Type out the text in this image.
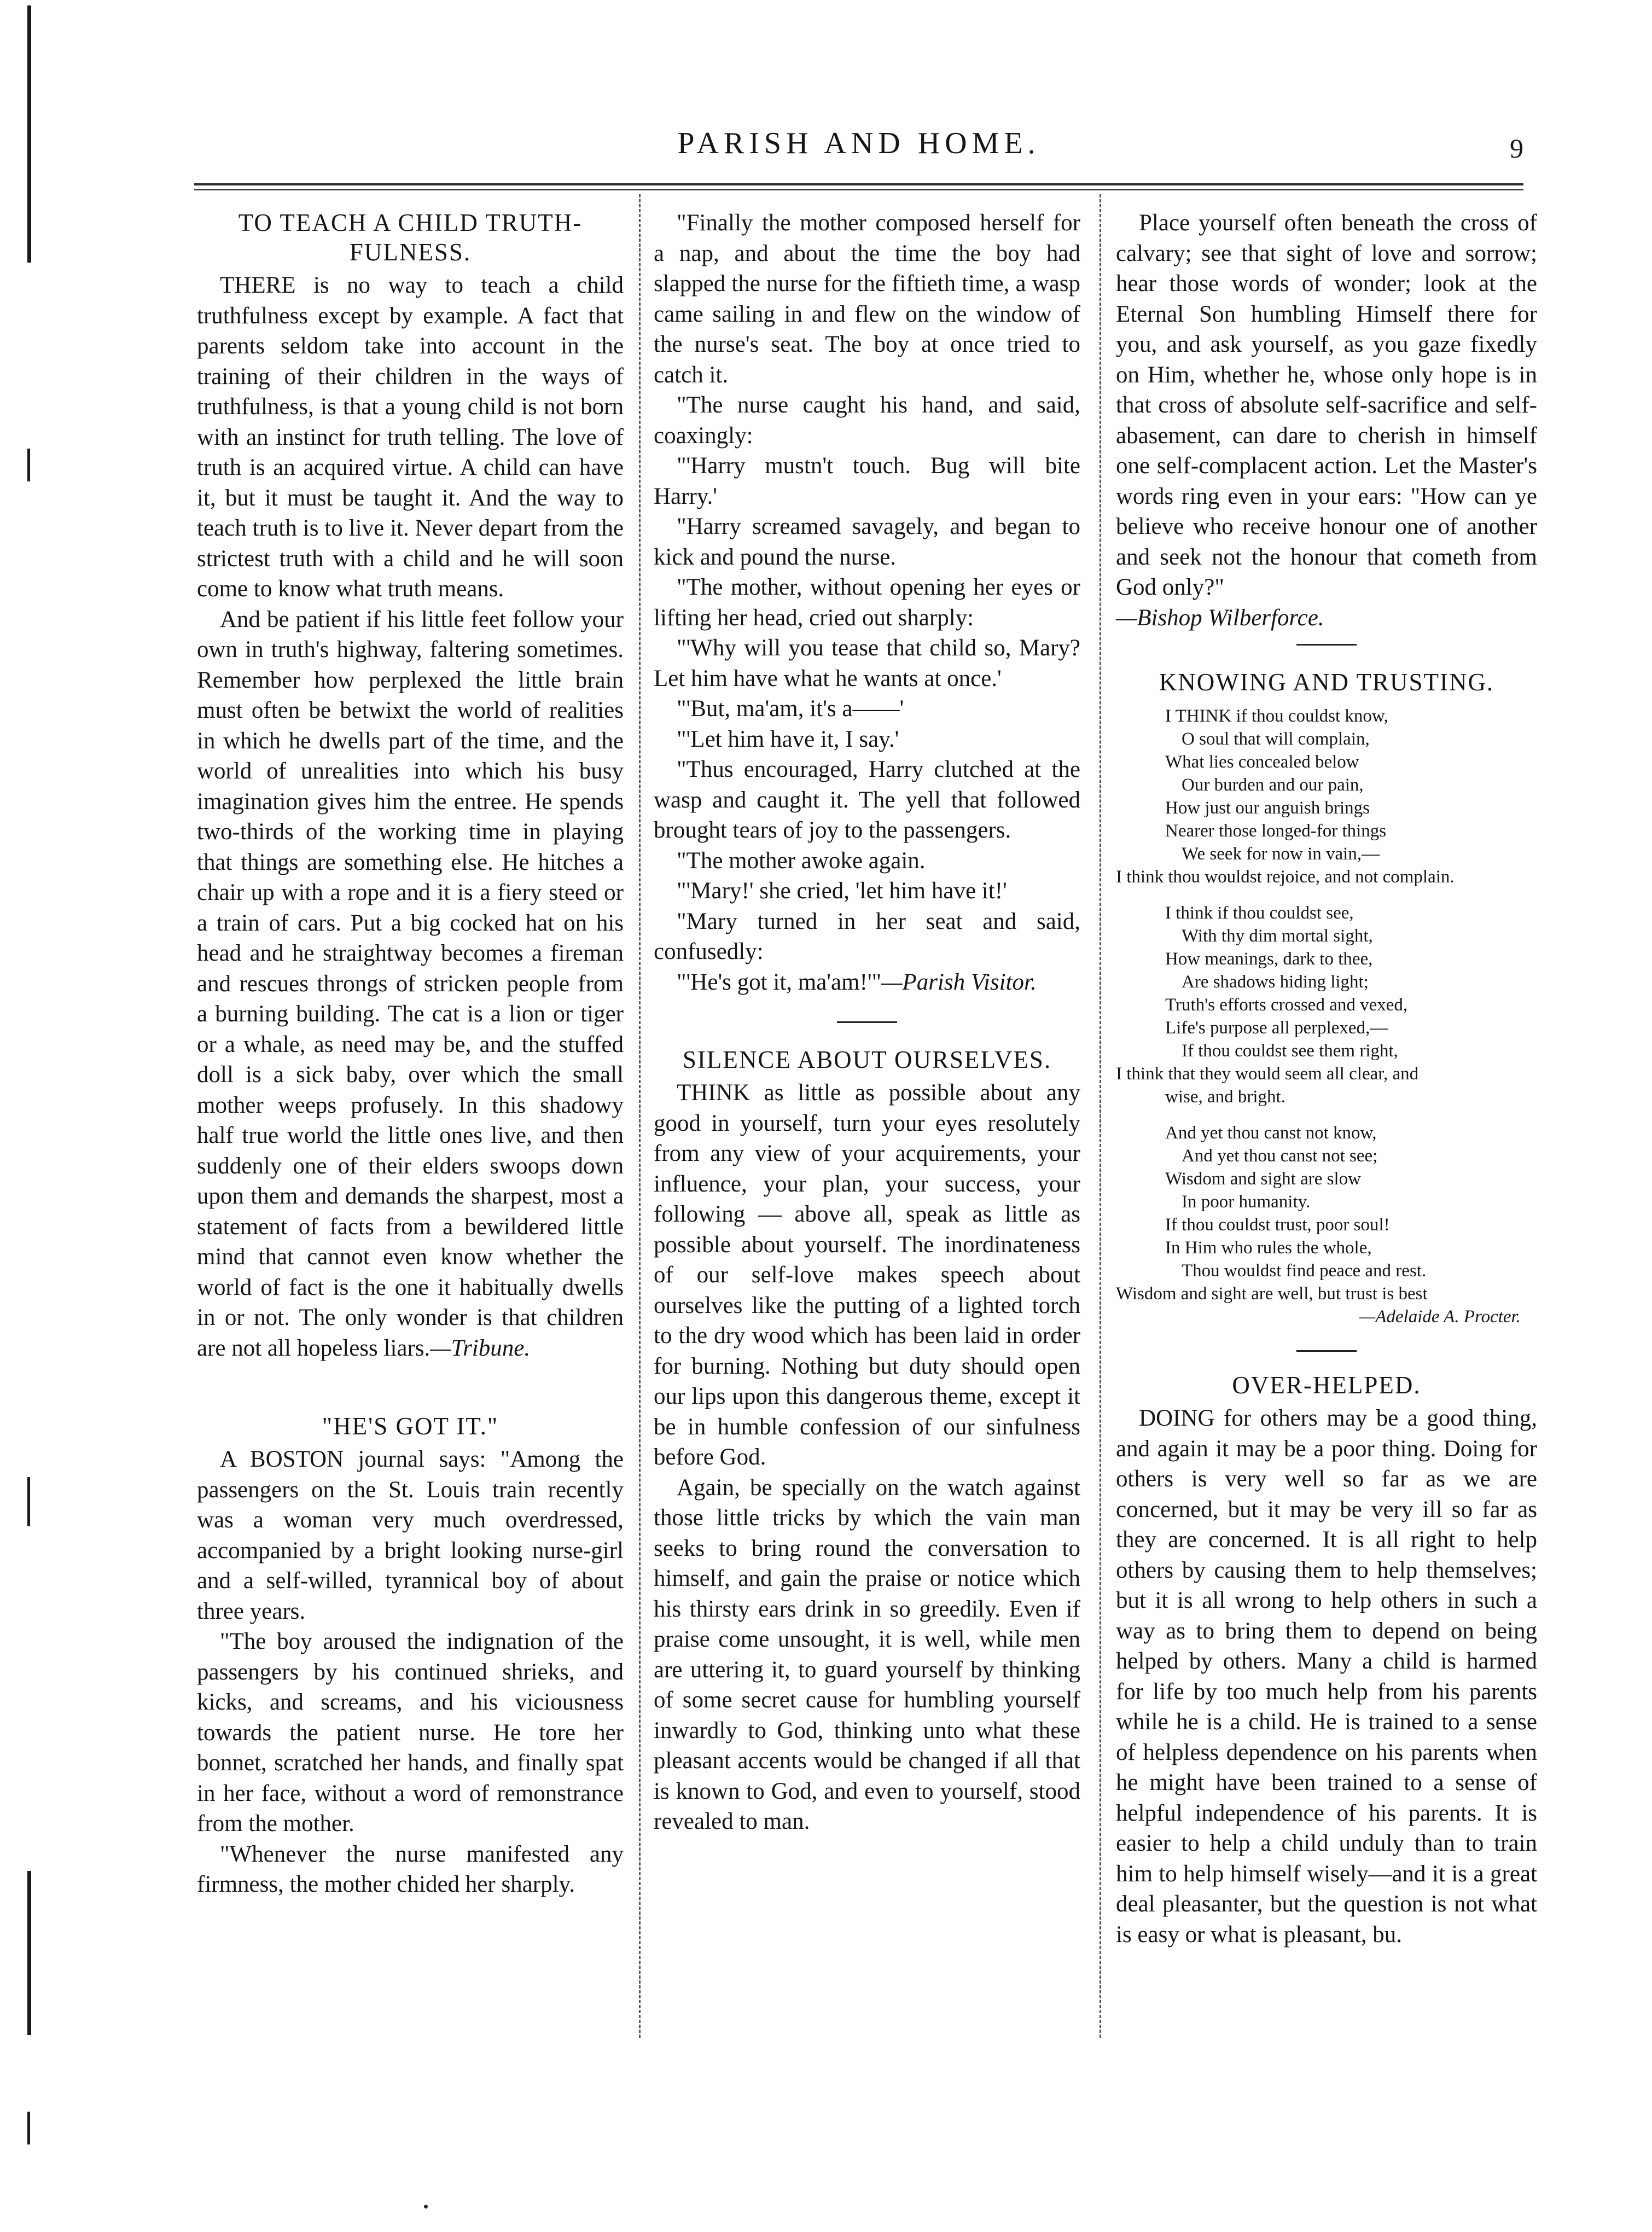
PARISH AND HOME.	9
TO TEACH A CHILD TRUTH-FULNESS.

THERE is no way to teach a child truthfulness except by example. A fact that parents seldom take into account in the training of their children in the ways of truthfulness, is that a young child is not born with an instinct for truth telling. The love of truth is an acquired virtue. A child can have it, but it must be taught it. And the way to teach truth is to live it. Never depart from the strictest truth with a child and he will soon come to know what truth means.

And be patient if his little feet follow your own in truth's highway, faltering sometimes. Remember how perplexed the little brain must often be betwixt the world of realities in which he dwells part of the time, and the world of unrealities into which his busy imagination gives him the entree. He spends two-thirds of the working time in playing that things are something else. He hitches a chair up with a rope and it is a fiery steed or a train of cars. Put a big cocked hat on his head and he straightway becomes a fireman and rescues throngs of stricken people from a burning building. The cat is a lion or tiger or a whale, as need may be, and the stuffed doll is a sick baby, over which the small mother weeps profusely. In this shadowy half true world the little ones live, and then suddenly one of their elders swoops down upon them and demands the sharpest, most a statement of facts from a bewildered little mind that cannot even know whether the world of fact is the one it habitually dwells in or not. The only wonder is that children are not all hopeless liars.—Tribune.

"HE'S GOT IT."

A BOSTON journal says: "Among the passengers on the St. Louis train recently was a woman very much overdressed, accompanied by a bright looking nurse-girl and a self-willed, tyrannical boy of about three years.

"The boy aroused the indignation of the passengers by his continued shrieks, and kicks, and screams, and his viciousness towards the patient nurse. He tore her bonnet, scratched her hands, and finally spat in her face, without a word of remonstrance from the mother.

"Whenever the nurse manifested any firmness, the mother chided her sharply.

"Finally the mother composed herself for a nap, and about the time the boy had slapped the nurse for the fiftieth time, a wasp came sailing in and flew on the window of the nurse's seat. The boy at once tried to catch it.

"The nurse caught his hand, and said, coaxingly:

"'Harry mustn't touch. Bug will bite Harry.'

"Harry screamed savagely, and began to kick and pound the nurse.

"The mother, without opening her eyes or lifting her head, cried out sharply:

"'Why will you tease that child so, Mary? Let him have what he wants at once.'

"'But, ma'am, it's a——'

"'Let him have it, I say.'

"Thus encouraged, Harry clutched at the wasp and caught it. The yell that followed brought tears of joy to the passengers.

"The mother awoke again.

"'Mary!' she cried, 'let him have it!'

"Mary turned in her seat and said, confusedly:

"'He's got it, ma'am!'"—Parish Visitor.

SILENCE ABOUT OURSELVES.

THINK as little as possible about any good in yourself, turn your eyes resolutely from any view of your acquirements, your influence, your plan, your success, your following — above all, speak as little as possible about yourself. The inordinateness of our self-love makes speech about ourselves like the putting of a lighted torch to the dry wood which has been laid in order for burning. Nothing but duty should open our lips upon this dangerous theme, except it be in humble confession of our sinfulness before God.

Again, be specially on the watch against those little tricks by which the vain man seeks to bring round the conversation to himself, and gain the praise or notice which his thirsty ears drink in so greedily. Even if praise come unsought, it is well, while men are uttering it, to guard yourself by thinking of some secret cause for humbling yourself inwardly to God, thinking unto what these pleasant accents would be changed if all that is known to God, and even to yourself, stood revealed to man.

Place yourself often beneath the cross of calvary; see that sight of love and sorrow; hear those words of wonder; look at the Eternal Son humbling Himself there for you, and ask yourself, as you gaze fixedly on Him, whether he, whose only hope is in that cross of absolute self-sacrifice and self-abasement, can dare to cherish in himself one self-complacent action. Let the Master's words ring even in your ears: "How can ye believe who receive honour one of another and seek not the honour that cometh from God only?"

—Bishop Wilberforce.

KNOWING AND TRUSTING.
I THINK if thou couldst know,
O soul that will complain,
What lies concealed below
Our burden and our pain,
How just our anguish brings
Nearer those longed-for things
We seek for now in vain,—
I think thou wouldst rejoice, and not complain.
I think if thou couldst see,
With thy dim mortal sight,
How meanings, dark to thee,
Are shadows hiding light;
Truth's efforts crossed and vexed,
Life's purpose all perplexed,—
If thou couldst see them right,
I think that they would seem all clear, and
wise, and bright.
And yet thou canst not know,
And yet thou canst not see;
Wisdom and sight are slow
In poor humanity.
If thou couldst trust, poor soul!
In Him who rules the whole,
Thou wouldst find peace and rest.
Wisdom and sight are well, but trust is best
—Adelaide A. Procter.
OVER-HELPED.

DOING for others may be a good thing, and again it may be a poor thing. Doing for others is very well so far as we are concerned, but it may be very ill so far as they are concerned. It is all right to help others by causing them to help themselves; but it is all wrong to help others in such a way as to bring them to depend on being helped by others. Many a child is harmed for life by too much help from his parents while he is a child. He is trained to a sense of helpless dependence on his parents when he might have been trained to a sense of helpful independence of his parents. It is easier to help a child unduly than to train him to help himself wisely—and it is a great deal pleasanter, but the question is not what is easy or what is pleasant, bu.
